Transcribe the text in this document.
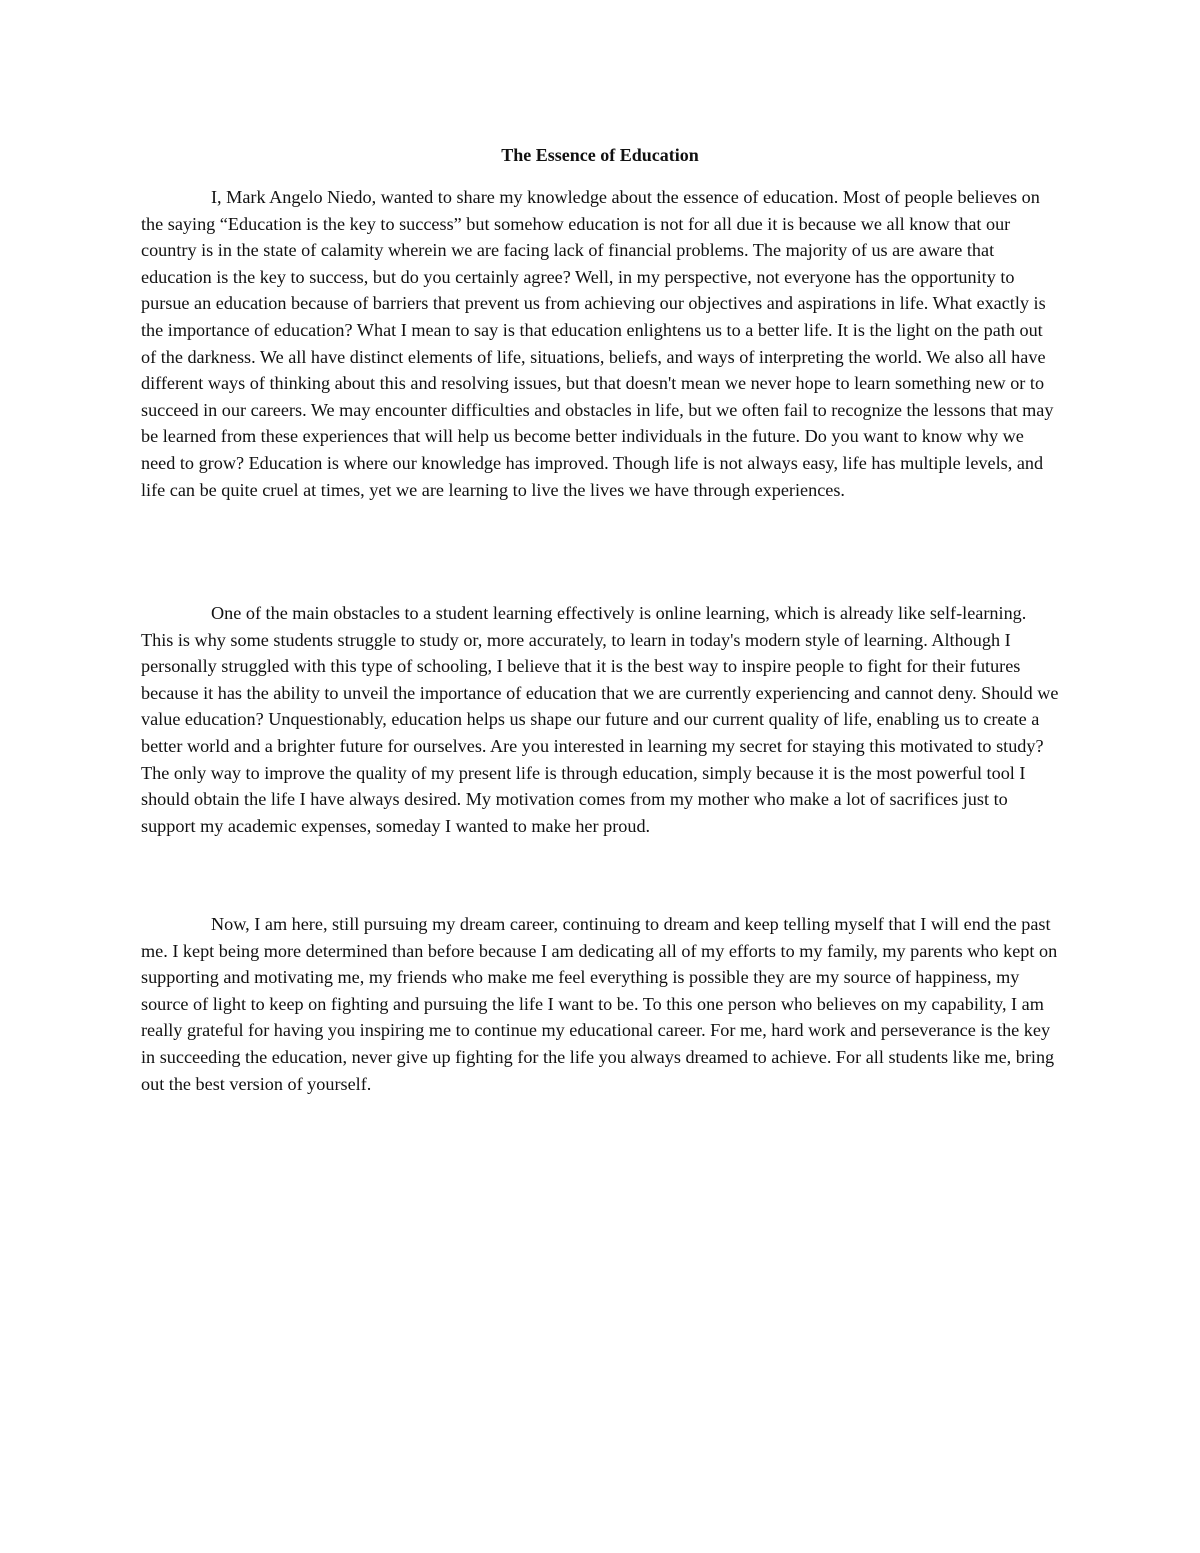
The Essence of Education

I, Mark Angelo Niedo, wanted to share my knowledge about the essence of education. Most of people believes on the saying “Education is the key to success” but somehow education is not for all due it is because we all know that our country is in the state of calamity wherein we are facing lack of financial problems. The majority of us are aware that education is the key to success, but do you certainly agree? Well, in my perspective, not everyone has the opportunity to pursue an education because of barriers that prevent us from achieving our objectives and aspirations in life. What exactly is the importance of education? What I mean to say is that education enlightens us to a better life. It is the light on the path out of the darkness. We all have distinct elements of life, situations, beliefs, and ways of interpreting the world. We also all have different ways of thinking about this and resolving issues, but that doesn't mean we never hope to learn something new or to succeed in our careers. We may encounter difficulties and obstacles in life, but we often fail to recognize the lessons that may be learned from these experiences that will help us become better individuals in the future. Do you want to know why we need to grow? Education is where our knowledge has improved. Though life is not always easy, life has multiple levels, and life can be quite cruel at times, yet we are learning to live the lives we have through experiences.

One of the main obstacles to a student learning effectively is online learning, which is already like self-learning. This is why some students struggle to study or, more accurately, to learn in today's modern style of learning. Although I personally struggled with this type of schooling, I believe that it is the best way to inspire people to fight for their futures because it has the ability to unveil the importance of education that we are currently experiencing and cannot deny. Should we value education? Unquestionably, education helps us shape our future and our current quality of life, enabling us to create a better world and a brighter future for ourselves. Are you interested in learning my secret for staying this motivated to study? The only way to improve the quality of my present life is through education, simply because it is the most powerful tool I should obtain the life I have always desired. My motivation comes from my mother who make a lot of sacrifices just to support my academic expenses, someday I wanted to make her proud.

Now, I am here, still pursuing my dream career, continuing to dream and keep telling myself that I will end the past me. I kept being more determined than before because I am dedicating all of my efforts to my family, my parents who kept on supporting and motivating me, my friends who make me feel everything is possible they are my source of happiness, my source of light to keep on fighting and pursuing the life I want to be. To this one person who believes on my capability, I am really grateful for having you inspiring me to continue my educational career. For me, hard work and perseverance is the key in succeeding the education, never give up fighting for the life you always dreamed to achieve. For all students like me, bring out the best version of yourself.
